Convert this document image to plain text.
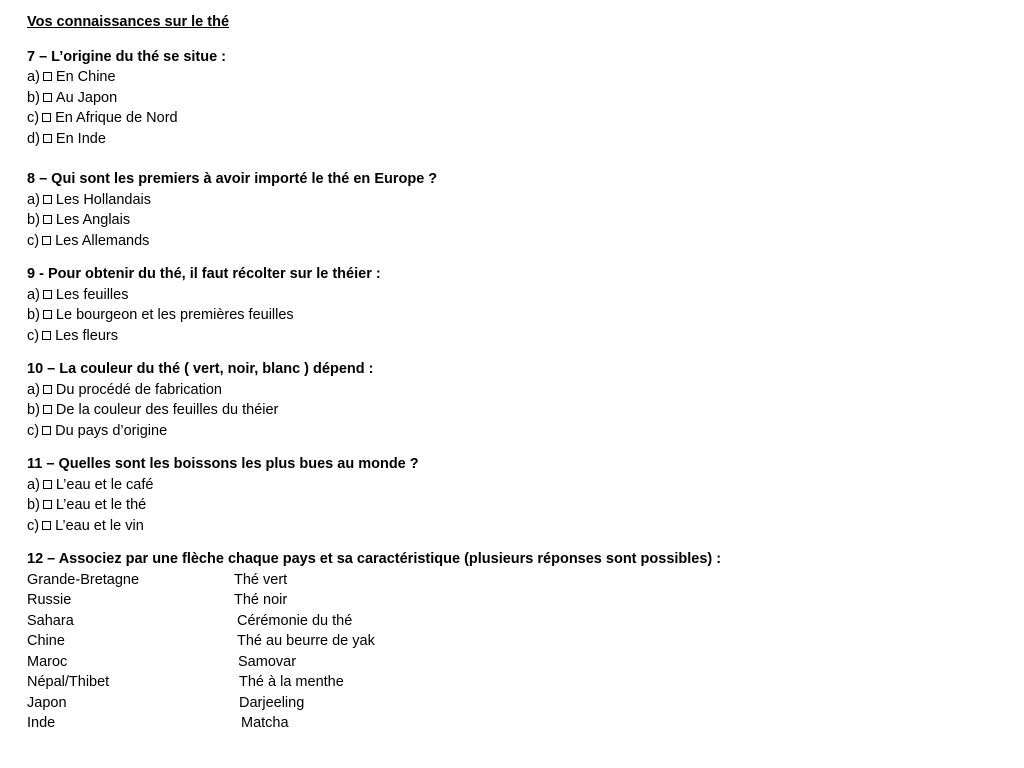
Vos connaissances sur le thé
7 – L’origine du thé se situe :
a) En Chine
b) Au Japon
c) En Afrique de Nord
d) En Inde
8 – Qui sont les premiers à avoir importé le thé en Europe ?
a) Les Hollandais
b) Les Anglais
c) Les Allemands
9 - Pour obtenir du thé, il faut récolter sur le théier :
a) Les feuilles
b) Le bourgeon et les premières feuilles
c) Les fleurs
10 – La couleur du thé ( vert, noir, blanc ) dépend :
a) Du procédé de fabrication
b) De la couleur des feuilles du théier
c) Du pays d’origine
11 – Quelles sont les boissons les plus bues au monde ?
a) L’eau et le café
b) L’eau et le thé
c) L’eau et le vin
12 – Associez par une flèche chaque pays et sa caractéristique (plusieurs réponses sont possibles) :
Grande-Bretagne	Thé vert
Russie	Thé noir
Sahara	Cérémonie du thé
Chine	Thé au beurre de yak
Maroc	Samovar
Népal/Thibet	Thé à la menthe
Japon	Darjeeling
Inde	Matcha
